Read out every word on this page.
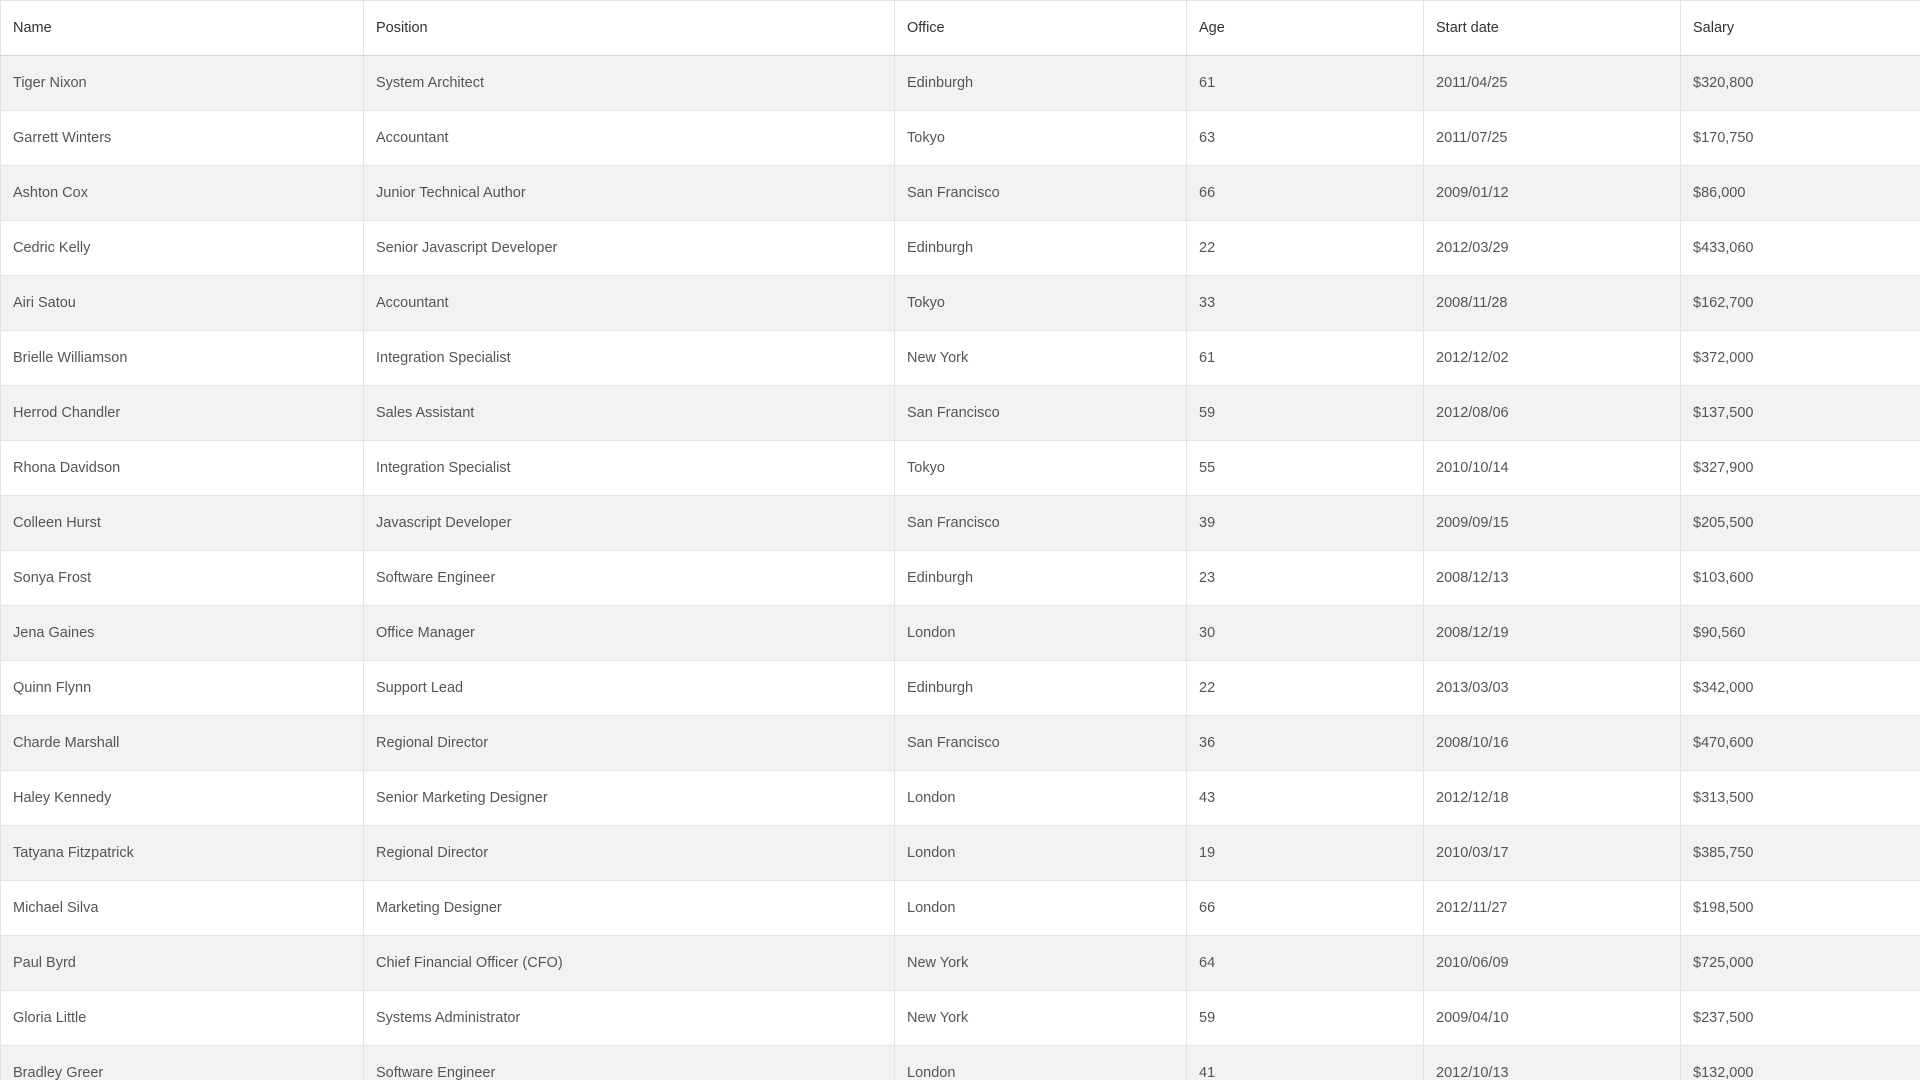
Name	Position	Office	Age	Start date	Salary
Tiger Nixon	System Architect	Edinburgh	61	2011/04/25	$320,800
Garrett Winters	Accountant	Tokyo	63	2011/07/25	$170,750
Ashton Cox	Junior Technical Author	San Francisco	66	2009/01/12	$86,000
Cedric Kelly	Senior Javascript Developer	Edinburgh	22	2012/03/29	$433,060
Airi Satou	Accountant	Tokyo	33	2008/11/28	$162,700
Brielle Williamson	Integration Specialist	New York	61	2012/12/02	$372,000
Herrod Chandler	Sales Assistant	San Francisco	59	2012/08/06	$137,500
Rhona Davidson	Integration Specialist	Tokyo	55	2010/10/14	$327,900
Colleen Hurst	Javascript Developer	San Francisco	39	2009/09/15	$205,500
Sonya Frost	Software Engineer	Edinburgh	23	2008/12/13	$103,600
Jena Gaines	Office Manager	London	30	2008/12/19	$90,560
Quinn Flynn	Support Lead	Edinburgh	22	2013/03/03	$342,000
Charde Marshall	Regional Director	San Francisco	36	2008/10/16	$470,600
Haley Kennedy	Senior Marketing Designer	London	43	2012/12/18	$313,500
Tatyana Fitzpatrick	Regional Director	London	19	2010/03/17	$385,750
Michael Silva	Marketing Designer	London	66	2012/11/27	$198,500
Paul Byrd	Chief Financial Officer (CFO)	New York	64	2010/06/09	$725,000
Gloria Little	Systems Administrator	New York	59	2009/04/10	$237,500
Bradley Greer	Software Engineer	London	41	2012/10/13	$132,000
